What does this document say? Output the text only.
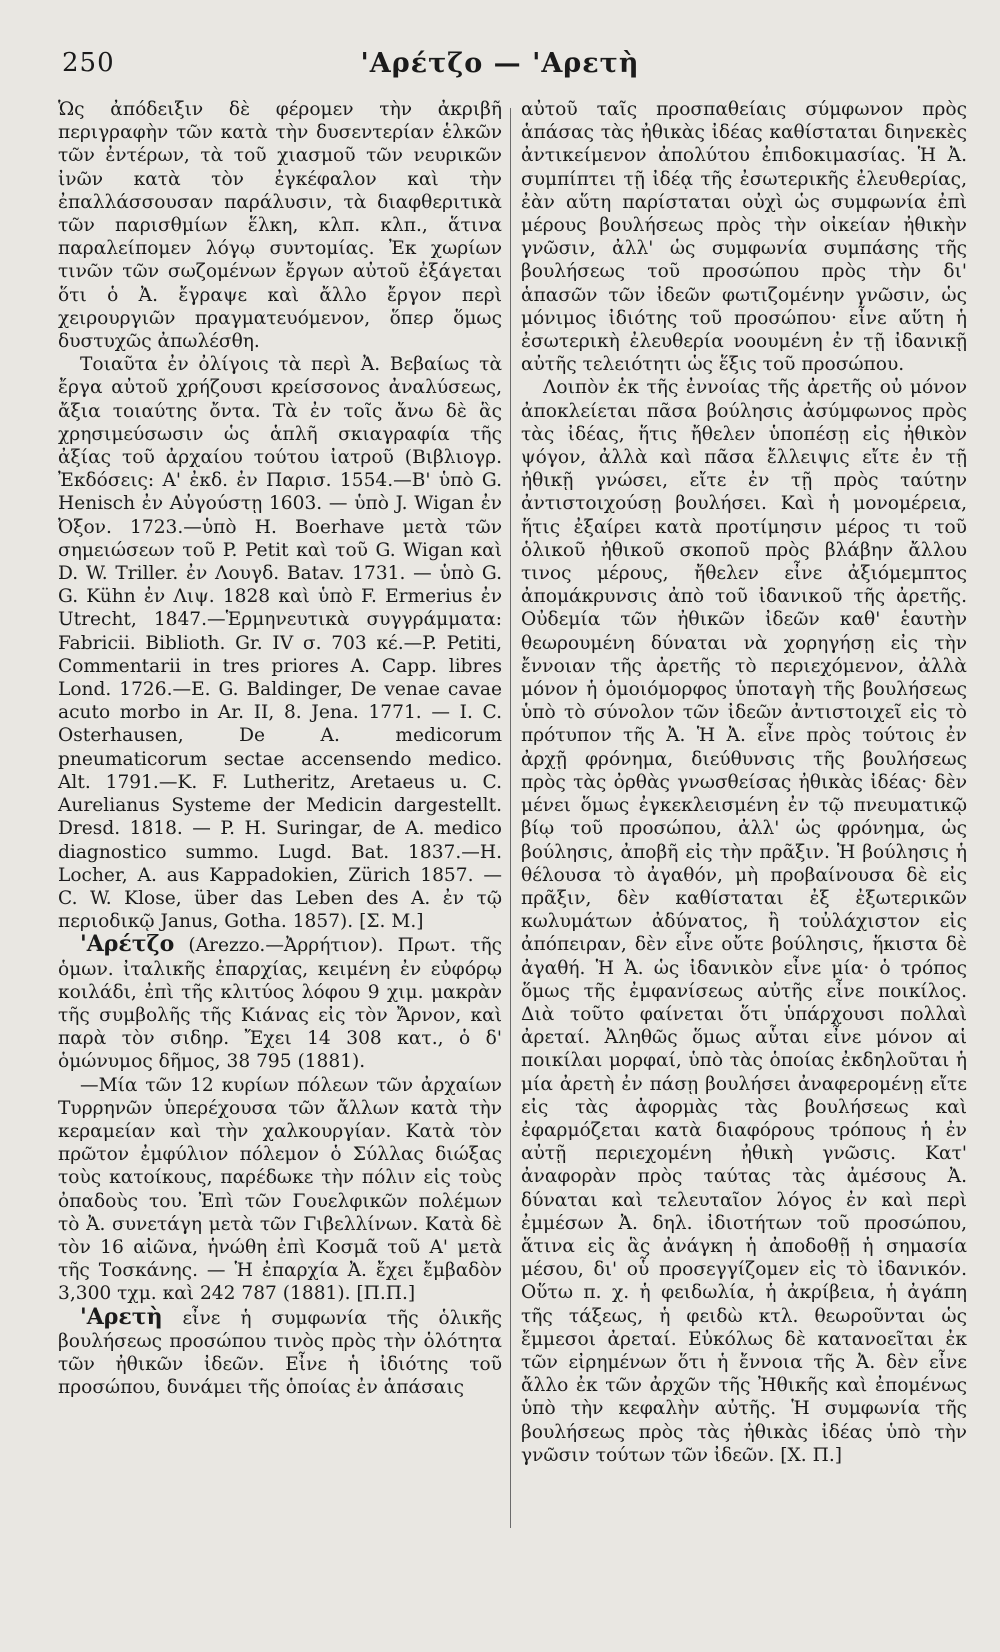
250	'Αρέτζο — 'Αρετὴ

Ὡς ἀπόδειξιν δὲ φέρομεν τὴν ἀκριβῆ περιγραφὴν τῶν κατὰ τὴν δυσεντερίαν ἑλκῶν τῶν ἐντέρων, τὰ τοῦ χιασμοῦ τῶν νευρικῶν ἰνῶν κατὰ τὸν ἐγκέφαλον καὶ τὴν ἐπαλλάσσουσαν παράλυσιν, τὰ διαφθεριτικὰ τῶν παρισθμίων ἕλκη, κλπ. κλπ., ἅτινα παραλείπομεν λόγῳ συντομίας. Ἐκ χωρίων τινῶν τῶν σωζομένων ἔργων αὐτοῦ ἐξάγεται ὅτι ὁ Ἀ. ἔγραψε καὶ ἄλλο ἔργον περὶ χειρουργιῶν πραγματευόμενον, ὅπερ ὅμως δυστυχῶς ἀπωλέσθη.

Τοιαῦτα ἐν ὀλίγοις τὰ περὶ Ἀ. Βεβαίως τὰ ἔργα αὐτοῦ χρήζουσι κρείσσονος ἀναλύσεως, ἄξια τοιαύτης ὄντα. Τὰ ἐν τοῖς ἄνω δὲ ἃς χρησιμεύσωσιν ὡς ἁπλῆ σκιαγραφία τῆς ἀξίας τοῦ ἀρχαίου τούτου ἰατροῦ (Βιβλιογρ. Ἐκδόσεις: Α' ἐκδ. ἐν Παρισ. 1554.—Β' ὑπὸ G. Henisch ἐν Αὐγούστῃ 1603. — ὑπὸ J. Wigan ἐν Ὀξον. 1723.—ὑπὸ H. Boerhave μετὰ τῶν σημειώσεων τοῦ P. Petit καὶ τοῦ G. Wigan καὶ D. W. Triller. ἐν Λουγδ. Batav. 1731. — ὑπὸ G. G. Kühn ἐν Λιψ. 1828 καὶ ὑπὸ F. Ermerius ἐν Utrecht, 1847.—Ἑρμηνευτικὰ συγγράμματα: Fabricii. Biblioth. Gr. IV σ. 703 κέ.—P. Petiti, Commentarii in tres priores A. Capp. libres Lond. 1726.—E. G. Baldinger, De venae cavae acuto morbo in Ar. II, 8. Jena. 1771. — I. C. Osterhausen, De A. medicorum pneumaticorum sectae accensendo medico. Alt. 1791.—K. F. Lutheritz, Aretaeus u. C. Aurelianus Systeme der Medicin dargestellt. Dresd. 1818. — P. H. Suringar, de A. medico diagnostico summo. Lugd. Bat. 1837.—H. Locher, A. aus Kappadokien, Zürich 1857. — C. W. Klose, über das Leben des A. ἐν τῷ περιοδικῷ Janus, Gotha. 1857). [Σ. Μ.]

'Αρέτζο (Arezzo.—Ἀρρήτιον). Πρωτ. τῆς ὁμων. ἰταλικῆς ἐπαρχίας, κειμένη ἐν εὐφόρῳ κοιλάδι, ἐπὶ τῆς κλιτύος λόφου 9 χιμ. μακρὰν τῆς συμβολῆς τῆς Κιάνας εἰς τὸν Ἄρνον, καὶ παρὰ τὸν σιδηρ. Ἔχει 14 308 κατ., ὁ δ' ὁμώνυμος δῆμος, 38 795 (1881).

—Μία τῶν 12 κυρίων πόλεων τῶν ἀρχαίων Τυρρηνῶν ὑπερέχουσα τῶν ἄλλων κατὰ τὴν κεραμείαν καὶ τὴν χαλκουργίαν. Κατὰ τὸν πρῶτον ἐμφύλιον πόλεμον ὁ Σύλλας διώξας τοὺς κατοίκους, παρέδωκε τὴν πόλιν εἰς τοὺς ὀπαδοὺς του. Ἐπὶ τῶν Γουελφικῶν πολέμων τὸ Ἀ. συνετάγη μετὰ τῶν Γιβελλίνων. Κατὰ δὲ τὸν 16 αἰῶνα, ἡνώθη ἐπὶ Κοσμᾶ τοῦ Α' μετὰ τῆς Τοσκάνης. — Ἡ ἐπαρχία Ἀ. ἔχει ἔμβαδὸν 3,300 τχμ. καὶ 242 787 (1881). [Π.Π.]

'Αρετὴ εἶνε ἡ συμφωνία τῆς ὁλικῆς βουλήσεως προσώπου τινὸς πρὸς τὴν ὁλότητα τῶν ἠθικῶν ἰδεῶν. Εἶνε ἡ ἰδιότης τοῦ προσώπου, δυνάμει τῆς ὁποίας ἐν ἁπάσαις

αὐτοῦ ταῖς προσπαθείαις σύμφωνον πρὸς ἁπάσας τὰς ἠθικὰς ἰδέας καθίσταται διηνεκὲς ἀντικείμενον ἀπολύτου ἐπιδοκιμασίας. Ἡ Ἀ. συμπίπτει τῇ ἰδέᾳ τῆς ἐσωτερικῆς ἐλευθερίας, ἐὰν αὕτη παρίσταται οὐχὶ ὡς συμφωνία ἐπὶ μέρους βουλήσεως πρὸς τὴν οἰκείαν ἠθικὴν γνῶσιν, ἀλλ' ὡς συμφωνία συμπάσης τῆς βουλήσεως τοῦ προσώπου πρὸς τὴν δι' ἁπασῶν τῶν ἰδεῶν φωτιζομένην γνῶσιν, ὡς μόνιμος ἰδιότης τοῦ προσώπου· εἶνε αὕτη ἡ ἐσωτερικὴ ἐλευθερία νοουμένη ἐν τῇ ἰδανικῇ αὐτῆς τελειότητι ὡς ἕξις τοῦ προσώπου.

Λοιπὸν ἐκ τῆς ἐννοίας τῆς ἀρετῆς οὐ μόνον ἀποκλείεται πᾶσα βούλησις ἀσύμφωνος πρὸς τὰς ἰδέας, ἥτις ἤθελεν ὑποπέσῃ εἰς ἠθικὸν ψόγον, ἀλλὰ καὶ πᾶσα ἔλλειψις εἴτε ἐν τῇ ἠθικῇ γνώσει, εἴτε ἐν τῇ πρὸς ταύτην ἀντιστοιχούσῃ βουλήσει. Καὶ ἡ μονομέρεια, ἥτις ἐξαίρει κατὰ προτίμησιν μέρος τι τοῦ ὁλικοῦ ἠθικοῦ σκοποῦ πρὸς βλάβην ἄλλου τινος μέρους, ἤθελεν εἶνε ἀξιόμεμπτος ἀπομάκρυνσις ἀπὸ τοῦ ἰδανικοῦ τῆς ἀρετῆς. Οὐδεμία τῶν ἠθικῶν ἰδεῶν καθ' ἑαυτὴν θεωρουμένη δύναται νὰ χορηγήσῃ εἰς τὴν ἔννοιαν τῆς ἀρετῆς τὸ περιεχόμενον, ἀλλὰ μόνον ἡ ὁμοιόμορφος ὑποταγὴ τῆς βουλήσεως ὑπὸ τὸ σύνολον τῶν ἰδεῶν ἀντιστοιχεῖ εἰς τὸ πρότυπον τῆς Ἀ. Ἡ Ἀ. εἶνε πρὸς τούτοις ἐν ἀρχῇ φρόνημα, διεύθυνσις τῆς βουλήσεως πρὸς τὰς ὀρθὰς γνωσθείσας ἠθικὰς ἰδέας· δὲν μένει ὅμως ἐγκεκλεισμένη ἐν τῷ πνευματικῷ βίῳ τοῦ προσώπου, ἀλλ' ὡς φρόνημα, ὡς βούλησις, ἀποβῆ εἰς τὴν πρᾶξιν. Ἡ βούλησις ἡ θέλουσα τὸ ἀγαθόν, μὴ προβαίνουσα δὲ εἰς πρᾶξιν, δὲν καθίσταται ἐξ ἐξωτερικῶν κωλυμάτων ἀδύνατος, ἢ τοὐλάχιστον εἰς ἀπόπειραν, δὲν εἶνε οὔτε βούλησις, ἥκιστα δὲ ἀγαθή. Ἡ Ἀ. ὡς ἰδανικὸν εἶνε μία· ὁ τρόπος ὅμως τῆς ἐμφανίσεως αὐτῆς εἶνε ποικίλος. Διὰ τοῦτο φαίνεται ὅτι ὑπάρχουσι πολλαὶ ἀρεταί. Ἀληθῶς ὅμως αὗται εἶνε μόνον αἱ ποικίλαι μορφαί, ὑπὸ τὰς ὁποίας ἐκδηλοῦται ἡ μία ἀρετὴ ἐν πάσῃ βουλήσει ἀναφερομένῃ εἴτε εἰς τὰς ἀφορμὰς τὰς βουλήσεως καὶ ἐφαρμόζεται κατὰ διαφόρους τρόπους ἡ ἐν αὐτῇ περιεχομένη ἠθικὴ γνῶσις. Κατ' ἀναφορὰν πρὸς ταύτας τὰς ἀμέσους Ἀ. δύναται καὶ τελευταῖον λόγος ἐν καὶ περὶ ἐμμέσων Ἀ. δηλ. ἰδιοτήτων τοῦ προσώπου, ἅτινα εἰς ἃς ἀνάγκη ἡ ἀποδοθῇ ἡ σημασία μέσου, δι' οὗ προσεγγίζομεν εἰς τὸ ἰδανικόν. Οὕτω π. χ. ἡ φειδωλία, ἡ ἀκρίβεια, ἡ ἀγάπη τῆς τάξεως, ἡ φειδὼ κτλ. θεωροῦνται ὡς ἔμμεσοι ἀρεταί. Εὐκόλως δὲ κατανοεῖται ἐκ τῶν εἰρημένων ὅτι ἡ ἔννοια τῆς Ἀ. δὲν εἶνε ἄλλο ἐκ τῶν ἀρχῶν τῆς Ἠθικῆς καὶ ἐπομένως ὑπὸ τὴν κεφαλὴν αὐτῆς. Ἡ συμφωνία τῆς βουλήσεως πρὸς τὰς ἠθικὰς ἰδέας ὑπὸ τὴν γνῶσιν τούτων τῶν ἰδεῶν. [Χ. Π.]
